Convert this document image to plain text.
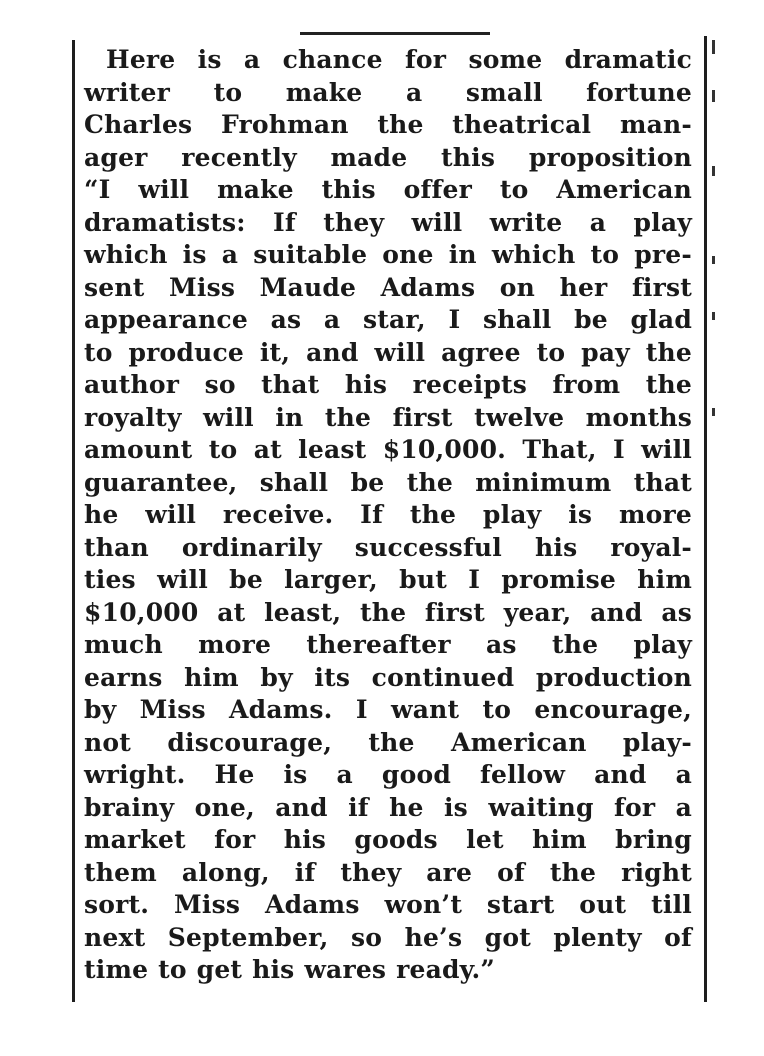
Here is a chance for some dramatic
writer to make a small fortune
Charles Frohman the theatrical man-
ager recently made this proposition
“I will make this offer to American
dramatists: If they will write a play
which is a suitable one in which to pre-
sent Miss Maude Adams on her first
appearance as a star, I shall be glad
to produce it, and will agree to pay the
author so that his receipts from the
royalty will in the first twelve months
amount to at least $10,000. That, I will
guarantee, shall be the minimum that
he will receive. If the play is more
than ordinarily successful his royal-
ties will be larger, but I promise him
$10,000 at least, the first year, and as
much more thereafter as the play
earns him by its continued production
by Miss Adams. I want to encourage,
not discourage, the American play-
wright. He is a good fellow and a
brainy one, and if he is waiting for a
market for his goods let him bring
them along, if they are of the right
sort. Miss Adams won’t start out till
next September, so he’s got plenty of
time to get his wares ready.”
